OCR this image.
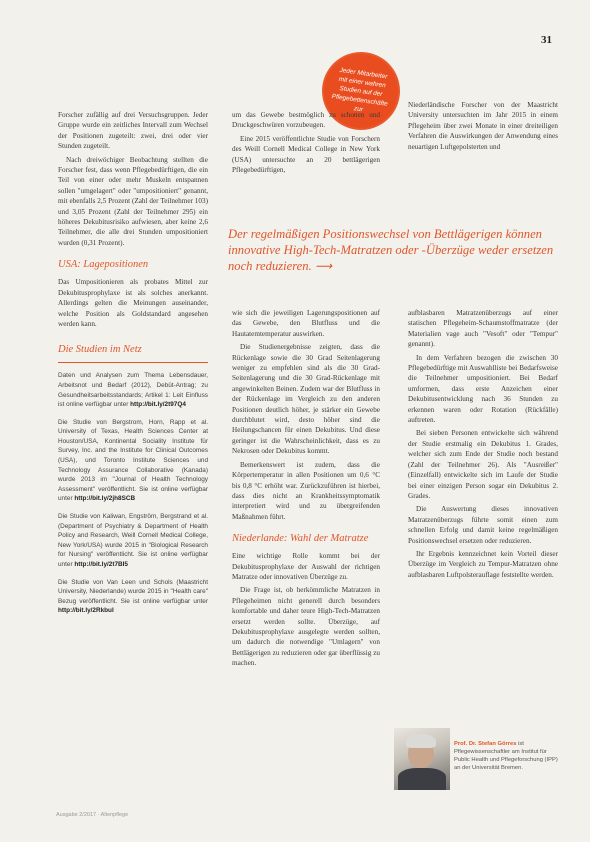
31
Jeder Mitarbeiter mit einer wahren Studien auf der Pflegebettenschäfte zur

Forscher zufällig auf drei Versuchsgruppen. Jeder Gruppe wurde ein zeitliches Intervall zum Wechsel der Positionen zugeteilt: zwei, drei oder vier Stunden zugeteilt.

Nach dreiwöchiger Beobachtung stellten die Forscher fest, dass wenn Pflegebedürftigen, die ein Teil von einer oder mehr Muskeln entspannen sollen "umgelagert" oder "umpositioniert" genannt, mit ebenfalls 2,5 Prozent (Zahl der Teilnehmer 103) und 3,05 Prozent (Zahl der Teilnehmer 295) ein höheres Dekubitusrisiko aufwiesen, aber keine 2,6 Teilnehmer, die alle drei Stunden umpositioniert wurden (0,31 Prozent).

USA: Lagepositionen

Das Umpositionieren als probates Mittel zur Dekubitusprophylaxe ist als solches anerkannt. Allerdings gelten die Meinungen auseinander, welche Position als Goldstandard angesehen werden kann.

Die Studien im Netz

Daten und Analysen zum Thema Lebensdauer, Arbeitsnot und Bedarf (2012), Debüt-Antrag; zu Gesundheitsarbeitsstandards; Artikel 1: Leit Einfluss ist online verfügbar unter http://bit.ly/2t97Q4

Die Studie von Bergstrom, Horn, Rapp et al. University of Texas, Health Sciences Center at Houston/USA, Kontinental Sociality Institute für Survey, Inc. and the Institute for Clinical Outcomes (USA), und Toronto Institute Sciences und Technology Assurance Collaborative (Kanada) wurde 2013 im "Journal of Health Technology Assessment" veröffentlicht. Sie ist online verfügbar unter http://bit.ly/2jh8SCB

Die Studie von Kaliwan, Engström, Bergstrand et al. (Department of Psychiatry & Department of Health Policy and Research, Weill Cornell Medical College, New York/USA) wurde 2015 in "Biological Research for Nursing" veröffentlicht. Sie ist online verfügbar unter http://bit.ly/2t7BI5

Die Studie von Van Leen und Schols (Maastricht University, Niederlande) wurde 2015 in "Health care" Bezug veröffentlicht. Sie ist online verfügbar unter http://bit.ly/2Rkbul

um das Gewebe bestmöglich zu schonen und Druckgeschwüren vorzubeugen.

Eine 2015 veröffentlichte Studie von Forschern des Weill Cornell Medical College in New York (USA) untersuchte an 20 bettlägerigen Pflegebedürftigen,

Niederländische Forscher von der Maastricht University untersuchten im Jahr 2015 in einem Pflegeheim über zwei Monate in einer dreiteiligen Verfahren die Auswirkungen der Anwendung eines neuartigen Luftgepolsterten und

Der regelmäßigen Positionswechsel von Bettlägerigen können innovative High-Tech-Matratzen oder -Überzüge weder ersetzen noch reduzieren. ⟶

wie sich die jeweiligen Lagerungspositionen auf das Gewebe, den Blutfluss und die Hautatemtemperatur auswirken.

Die Studienergebnisse zeigten, dass die Rückenlage sowie die 30 Grad Seitenlagerung weniger zu empfehlen sind als die 30 Grad-Seitenlagerung und die 30 Grad-Rückenlage mit angewinkelten Beinen. Zudem war der Blutfluss in der Rückenlage im Vergleich zu den anderen Positionen deutlich höher, je stärker ein Gewebe durchblutet wird, desto höher sind die Heilungschancen für einen Dekubitus. Und diese geringer ist die Wahrscheinlichkeit, dass es zu Nekrosen oder Dekubitus kommt.

Bemerkenswert ist zudem, dass die Körpertemperatur in allen Positionen um 0,6 °C bis 0,8 °C erhöht war. Zurückzuführen ist hierbei, dass dies nicht an Krankheitssymptomatik interpretiert wird und zu übergreifenden Maßnahmen führt.

Niederlande: Wahl der Matratze

Eine wichtige Rolle kommt bei der Dekubitusprophylaxe der Auswahl der richtigen Matratze oder innovativen Überzüge zu.

Die Frage ist, ob herkömmliche Matratzen in Pflegeheimen nicht generell durch besonders komfortable und daher teure High-Tech-Matratzen ersetzt werden sollte. Überzüge, auf Dekubitusprophylaxe ausgelegte werden sollten, um dadurch die notwendige "Umlagern" von Bettlägerigen zu reduzieren oder gar überflüssig zu machen.

aufblasbaren Matratzenüberzugs auf einer statischen Pflegeheim-Schaumstoffmatratze (der Materialien vage auch "Vesoft" oder "Tempur" genannt).

In dem Verfahren bezogen die zwischen 30 Pflegebedürftige mit Auswahlliste bei Bedarfsweise die Teilnehmer umpositioniert. Bei Bedarf umformen, dass erste Anzeichen einer Dekubitusentwicklung nach 36 Stunden zu erkennen waren oder Rotation (Rückfälle) auftreten.

Bei sieben Personen entwickelte sich während der Studie erstmalig ein Dekubitus 1. Grades, welcher sich zum Ende der Studie noch bestand (Zahl der Teilnehmer 26). Als "Ausreißer" (Einzelfall) entwickelte sich im Laufe der Studie bei einer einzigen Person sogar ein Dekubitus 2. Grades.

Die Auswertung dieses innovativen Matratzenüberzugs führte somit einen zum schnellen Erfolg und damit keine regelmäßigen Positionswechsel ersetzen oder reduzieren.

Ihr Ergebnis kennzeichnet kein Vorteil dieser Überzüge im Vergleich zu Tempur-Matratzen ohne aufblasbaren Luftpolsterauflage feststellte werden.

Prof. Dr. Stefan Görres ist Pflegewissenschaftler am Institut für Public Health und Pflegeforschung (IPP) an der Universität Bremen.
Ausgabe 2/2017 · Altenpflege
